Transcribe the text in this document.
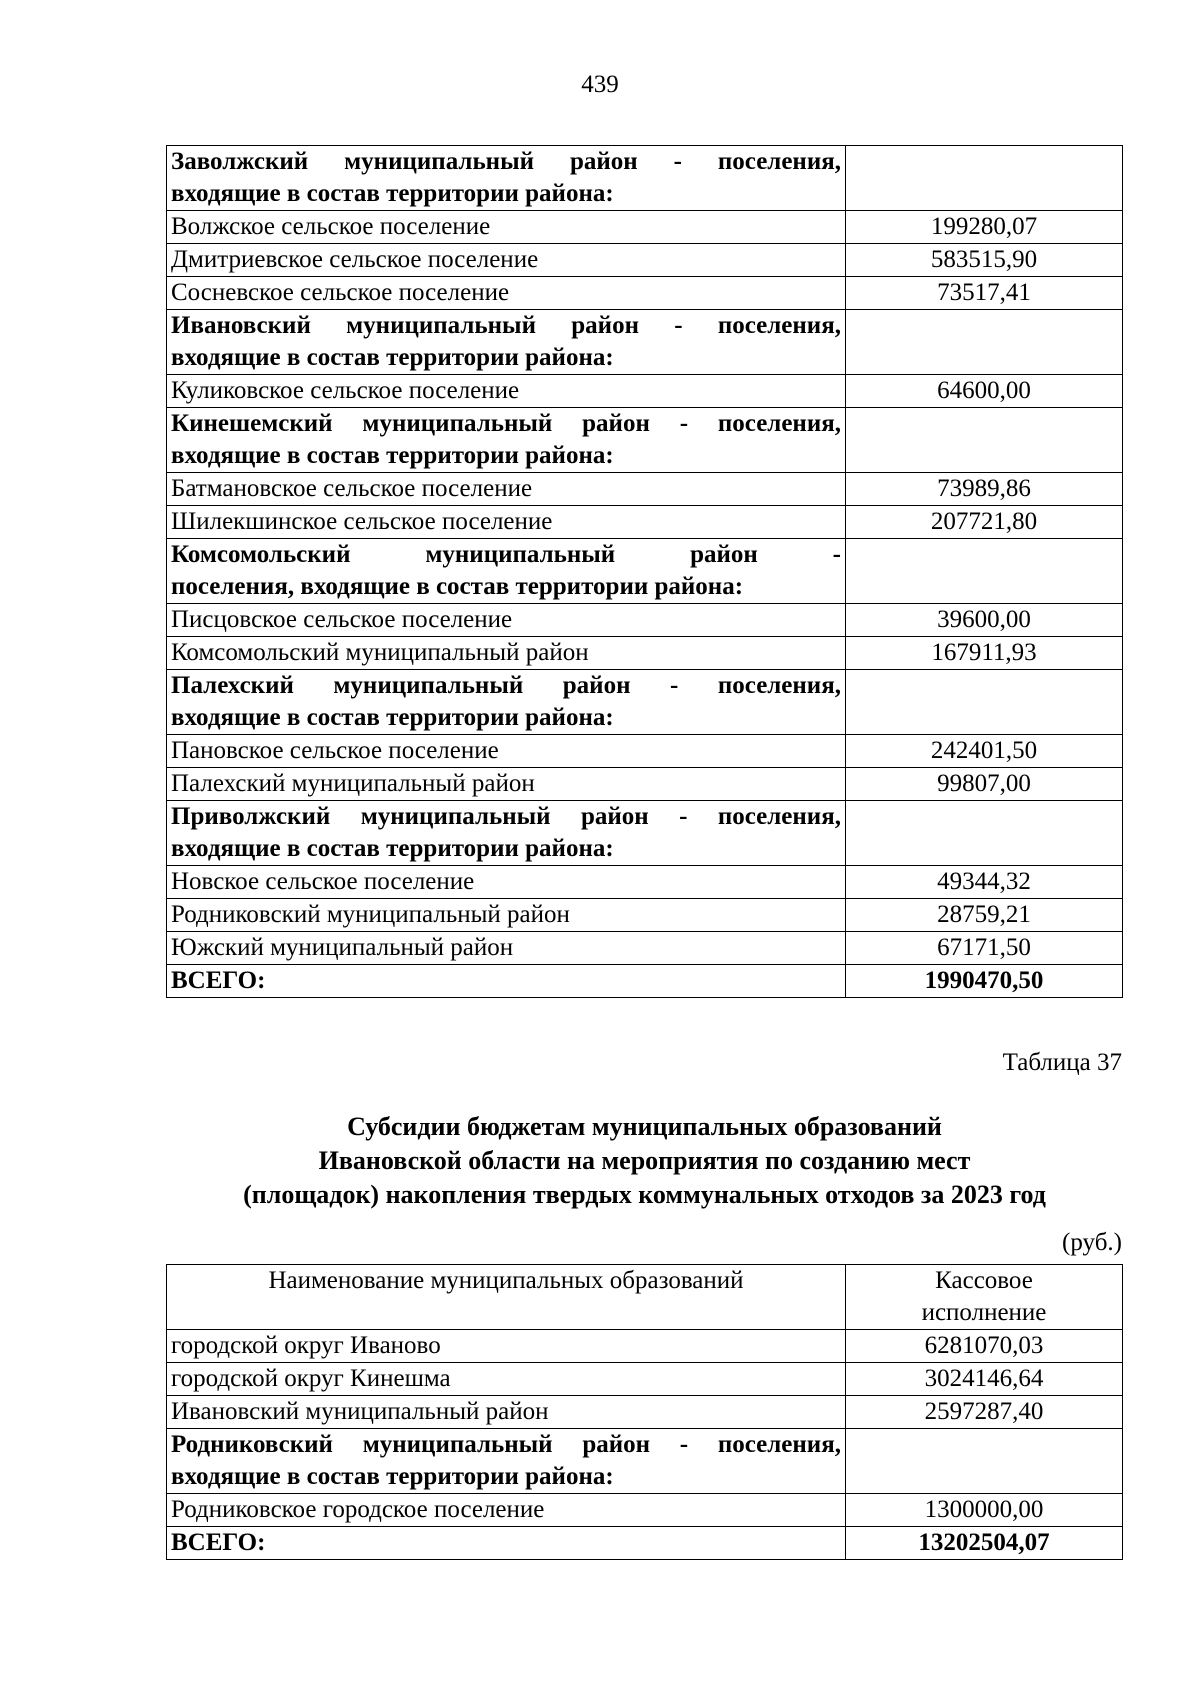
439
Заволжский муниципальный район - поселения,
входящие в состав территории района:	

Волжское сельское поселение	199280,07
Дмитриевское сельское поселение	583515,90
Сосневское сельское поселение	73517,41

Ивановский муниципальный район - поселения,
входящие в состав территории района:	

Куликовское сельское поселение	64600,00

Кинешемский муниципальный район - поселения,
входящие в состав территории района:	

Батмановское сельское поселение	73989,86
Шилекшинское сельское поселение	207721,80

Комсомольский муниципальный район -
поселения, входящие в состав территории района:	

Писцовское сельское поселение	39600,00
Комсомольский муниципальный район	167911,93

Палехский муниципальный район - поселения,
входящие в состав территории района:	

Пановское сельское поселение	242401,50
Палехский муниципальный район	99807,00

Приволжский муниципальный район - поселения,
входящие в состав территории района:	

Новское сельское поселение	49344,32
Родниковский муниципальный район	28759,21
Южский муниципальный район	67171,50
ВСЕГО:	1990470,50
Таблица 37
Субсидии бюджетам муниципальных образований
Ивановской области на мероприятия по созданию мест
(площадок) накопления твердых коммунальных отходов за 2023 год
(руб.)
Наименование муниципальных образований	Кассовое
исполнение

городской округ Иваново	6281070,03
городской округ Кинешма	3024146,64
Ивановский муниципальный район	2597287,40

Родниковский муниципальный район - поселения,
входящие в состав территории района:	

Родниковское городское поселение	1300000,00
ВСЕГО:	13202504,07
